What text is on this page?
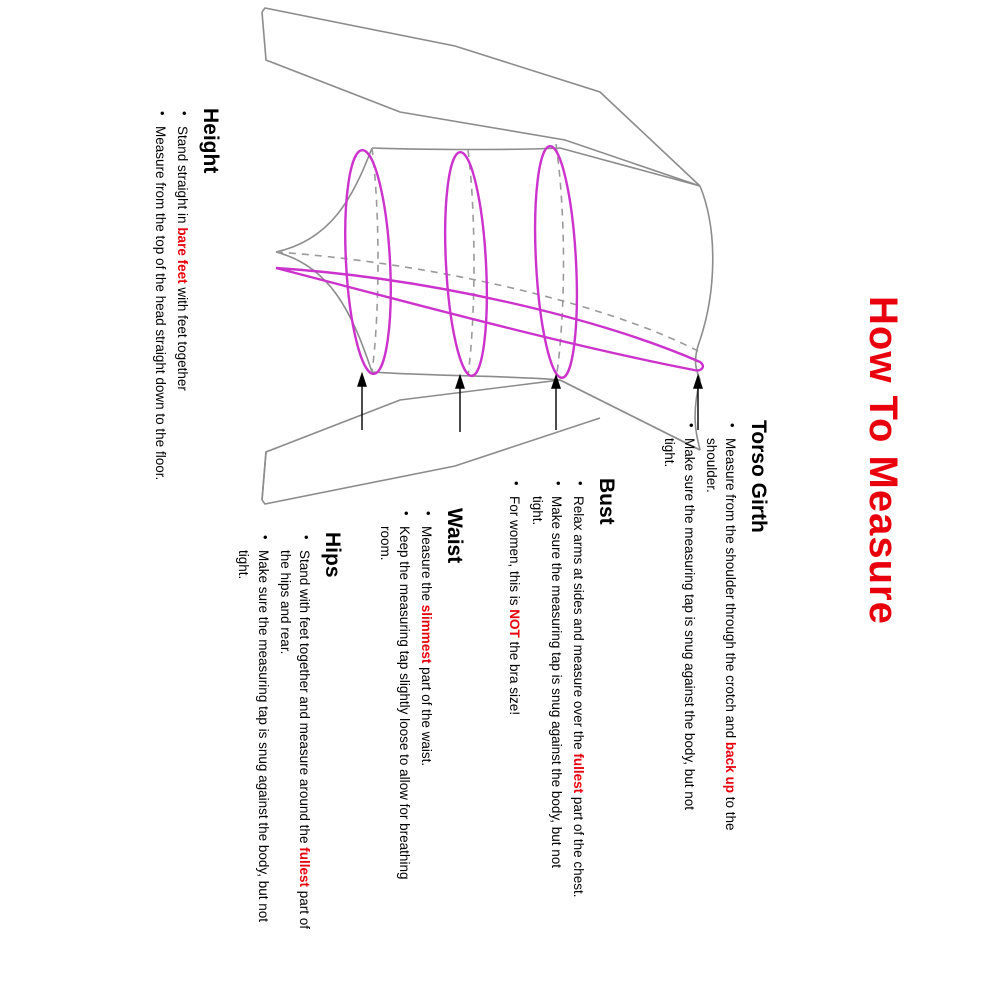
How To Measure
Height
• Stand straight in bare feet with feet together
• Measure from the top of the head straight down to the floor.	Torso Girth
• Measure from the shoulder through the crotch and back up to the shoulder.
• Make sure the measuring tap is snug against the body, but not tight.
Bust
• Relax arms at sides and measure over the fullest part of the chest.
• Make sure the measuring tap is snug against the body, but not tight.
• For women, this is NOT the bra size!
Waist
• Measure the slimmest part of the waist.
• Keep the measuring tap slightly loose to allow for breathing room.
Hips
• Stand with feet together and measure around the fullest part of the hips and rear.
• Make sure the measuring tap is snug against the body, but not tight.
